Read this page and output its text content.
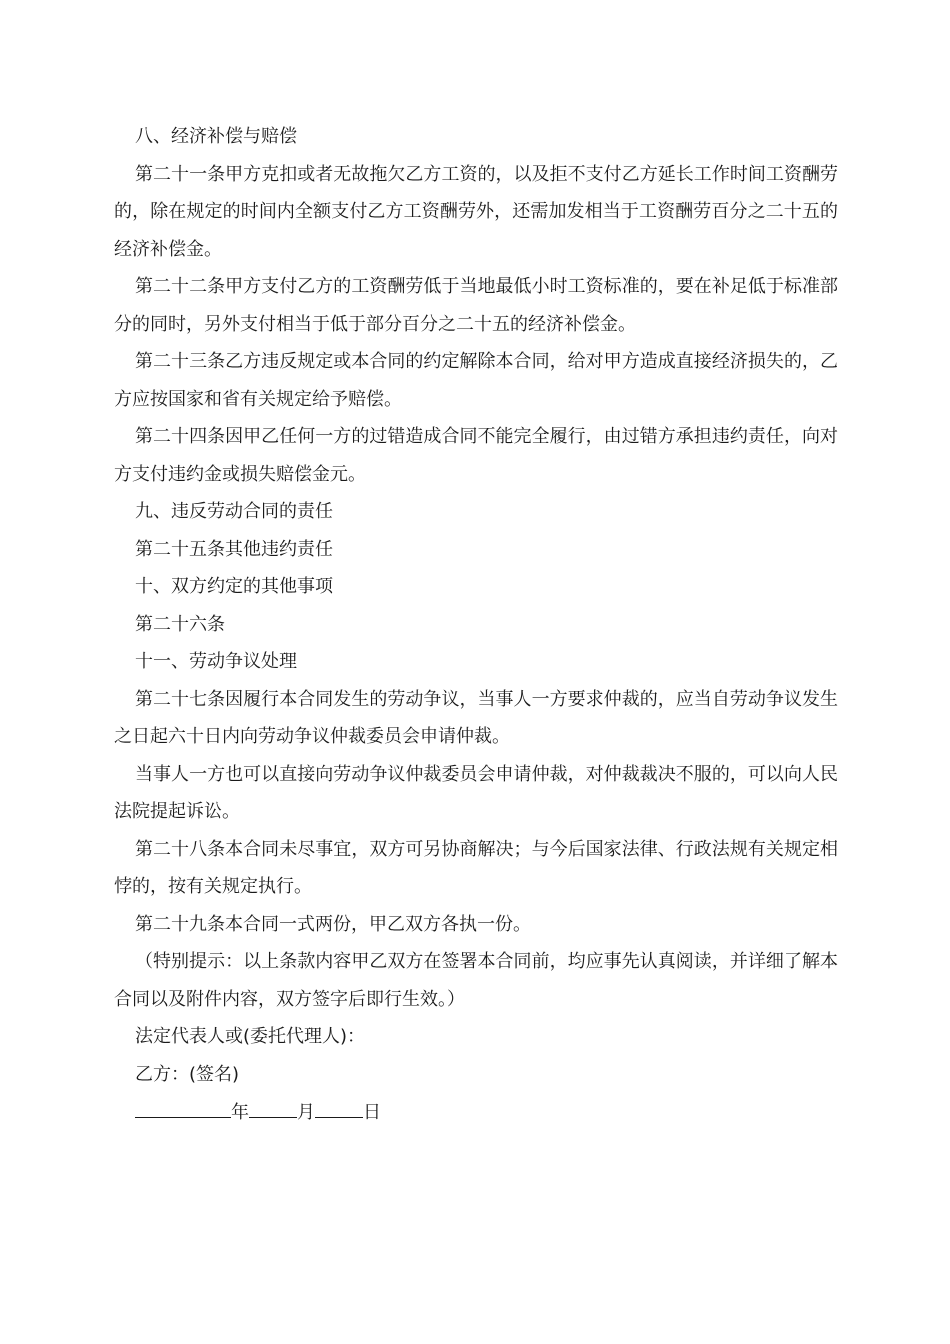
八、经济补偿与赔偿

第二十一条甲方克扣或者无故拖欠乙方工资的，以及拒不支付乙方延长工作时间工资酬劳的，除在规定的时间内全额支付乙方工资酬劳外，还需加发相当于工资酬劳百分之二十五的经济补偿金。

第二十二条甲方支付乙方的工资酬劳低于当地最低小时工资标准的，要在补足低于标准部分的同时，另外支付相当于低于部分百分之二十五的经济补偿金。

第二十三条乙方违反规定或本合同的约定解除本合同，给对甲方造成直接经济损失的，乙方应按国家和省有关规定给予赔偿。

第二十四条因甲乙任何一方的过错造成合同不能完全履行，由过错方承担违约责任，向对方支付违约金或损失赔偿金元。

九、违反劳动合同的责任

第二十五条其他违约责任

十、双方约定的其他事项

第二十六条

十一、劳动争议处理

第二十七条因履行本合同发生的劳动争议，当事人一方要求仲裁的，应当自劳动争议发生之日起六十日内向劳动争议仲裁委员会申请仲裁。

当事人一方也可以直接向劳动争议仲裁委员会申请仲裁，对仲裁裁决不服的，可以向人民法院提起诉讼。

第二十八条本合同未尽事宜，双方可另协商解决；与今后国家法律、行政法规有关规定相悖的，按有关规定执行。

第二十九条本合同一式两份，甲乙双方各执一份。

（特别提示：以上条款内容甲乙双方在签署本合同前，均应事先认真阅读，并详细了解本合同以及附件内容，双方签字后即行生效。）

法定代表人或(委托代理人)：

乙方：(签名)

年	月	日
